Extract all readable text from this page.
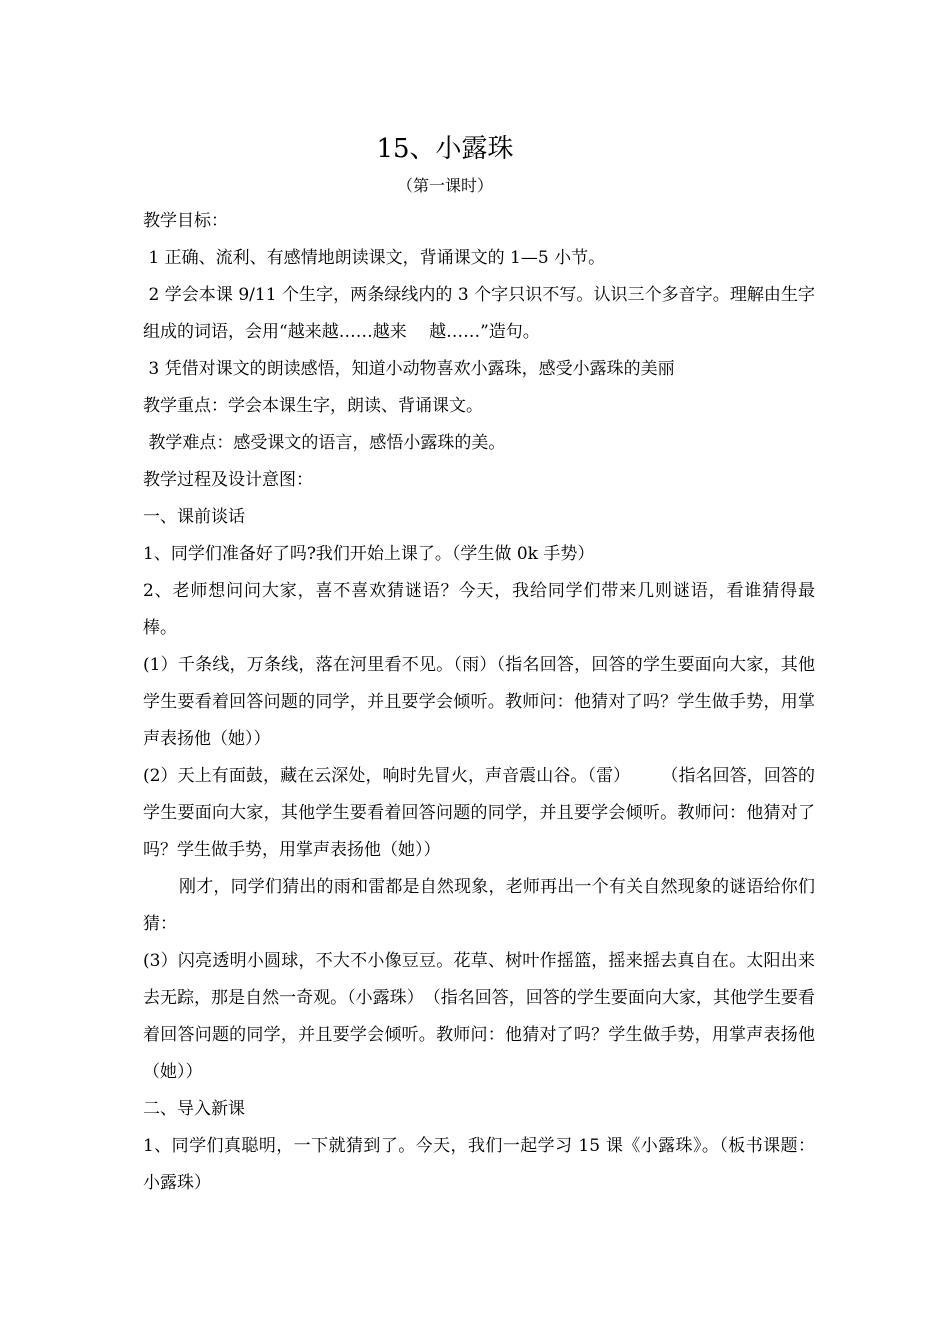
15、小露珠
（第一课时）

教学目标：

1 正确、流利、有感情地朗读课文，背诵课文的 1—5 小节。

2 学会本课 9/11 个生字，两条绿线内的 3 个字只识不写。认识三个多音字。理解由生字组成的词语，会用“越来越……越来　 越……”造句。

3 凭借对课文的朗读感悟，知道小动物喜欢小露珠，感受小露珠的美丽

教学重点：学会本课生字，朗读、背诵课文。

教学难点：感受课文的语言，感悟小露珠的美。

教学过程及设计意图：

一、课前谈话

1、同学们准备好了吗?我们开始上课了。（学生做 0k 手势）

2、老师想问问大家，喜不喜欢猜谜语？今天，我给同学们带来几则谜语，看谁猜得最棒。

(1）千条线，万条线，落在河里看不见。（雨）（指名回答，回答的学生要面向大家，其他学生要看着回答问题的同学，并且要学会倾听。教师问：他猜对了吗？学生做手势，用掌声表扬他（她））

(2）天上有面鼓，藏在云深处，响时先冒火，声音震山谷。（雷）　　 （指名回答，回答的学生要面向大家，其他学生要看着回答问题的同学，并且要学会倾听。教师问：他猜对了吗？学生做手势，用掌声表扬他（她））

刚才，同学们猜出的雨和雷都是自然现象，老师再出一个有关自然现象的谜语给你们猜：

(3）闪亮透明小圆球，不大不小像豆豆。花草、树叶作摇篮，摇来摇去真自在。太阳出来去无踪，那是自然一奇观。（小露珠）　（指名回答，回答的学生要面向大家，其他学生要看着回答问题的同学，并且要学会倾听。教师问：他猜对了吗？学生做手势，用掌声表扬他（她））

二、导入新课

1、同学们真聪明，一下就猜到了。今天，我们一起学习 15 课《小露珠》。（板书课题：小露珠）
